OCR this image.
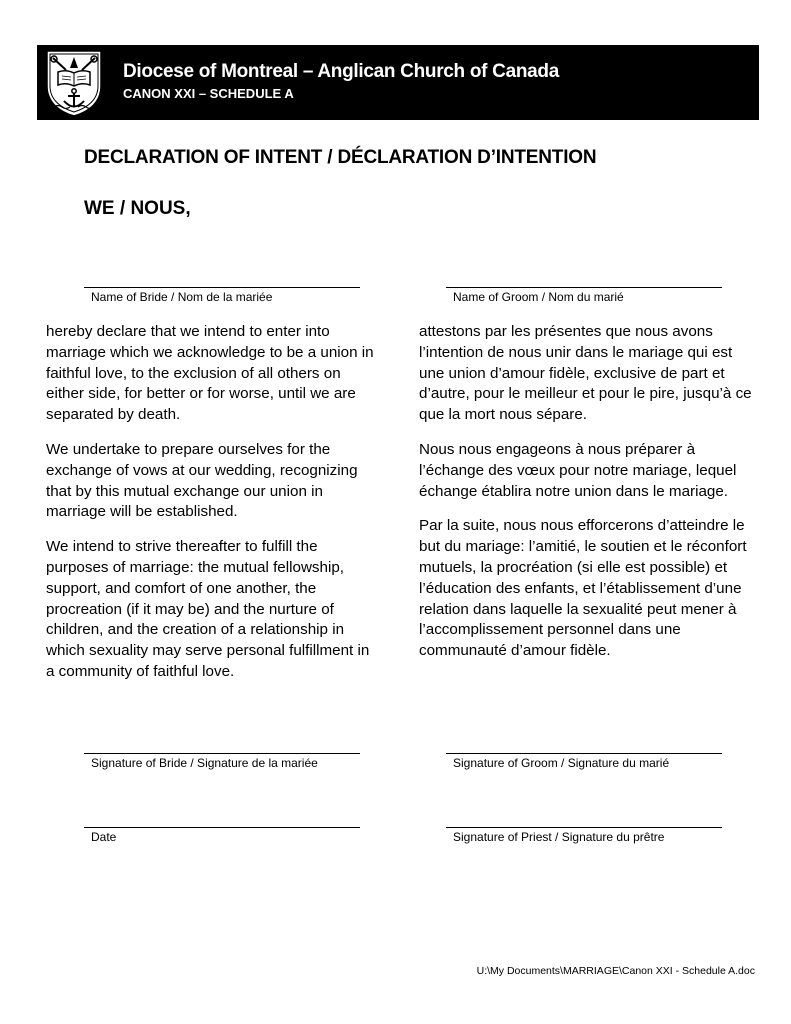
Diocese of Montreal – Anglican Church of Canada
CANON XXI – SCHEDULE A
DECLARATION OF INTENT / DÉCLARATION D’INTENTION
WE / NOUS,
Name of Bride / Nom de la mariée	Name of Groom / Nom du marié

hereby declare that we intend to enter into marriage which we acknowledge to be a union in faithful love, to the exclusion of all others on either side, for better or for worse, until we are separated by death.

We undertake to prepare ourselves for the exchange of vows at our wedding, recognizing that by this mutual exchange our union in marriage will be established.

We intend to strive thereafter to fulfill the purposes of marriage: the mutual fellowship, support, and comfort of one another, the procreation (if it may be) and the nurture of children, and the creation of a relationship in which sexuality may serve personal fulfillment in a community of faithful love.

attestons par les présentes que nous avons l’intention de nous unir dans le mariage qui est une union d’amour fidèle, exclusive de part et d’autre, pour le meilleur et pour le pire, jusqu’à ce que la mort nous sépare.

Nous nous engageons à nous préparer à l’échange des vœux pour notre mariage, lequel échange établira notre union dans le mariage.

Par la suite, nous nous efforcerons d’atteindre le but du mariage: l’amitié, le soutien et le réconfort mutuels, la procréation (si elle est possible) et l’éducation des enfants, et l’établissement d’une relation dans laquelle la sexualité peut mener à l’accomplissement personnel dans une communauté d’amour fidèle.

Signature of Bride / Signature de la mariée	Signature of Groom / Signature du marié
Date	Signature of Priest / Signature du prêtre
U:\My Documents\MARRIAGE\Canon XXI - Schedule A.doc
